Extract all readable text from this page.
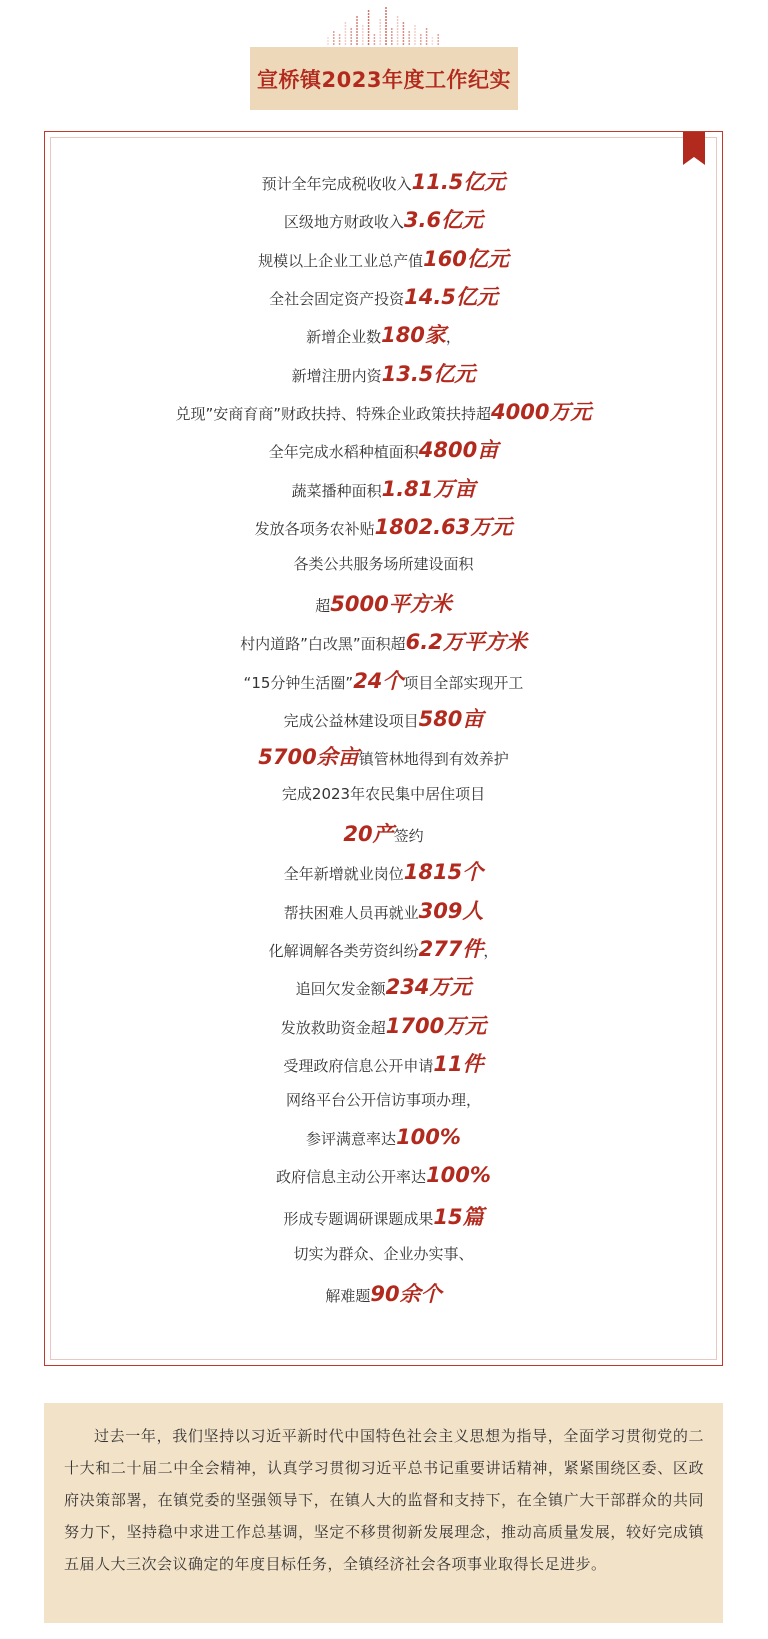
宣桥镇2023年度工作纪实
预计全年完成税收收入11.5亿元
区级地方财政收入3.6亿元
规模以上企业工业总产值160亿元
全社会固定资产投资14.5亿元
新增企业数180家，
新增注册内资13.5亿元
兑现”安商育商”财政扶持、特殊企业政策扶持超4000万元
全年完成水稻种植面积4800亩
蔬菜播种面积1.81万亩
发放各项务农补贴1802.63万元
各类公共服务场所建设面积
超5000平方米
村内道路”白改黑”面积超6.2万平方米
“15分钟生活圈”24个项目全部实现开工
完成公益林建设项目580亩
5700余亩镇管林地得到有效养护
完成2023年农民集中居住项目
20产签约
全年新增就业岗位1815个
帮扶困难人员再就业309人
化解调解各类劳资纠纷277件，
追回欠发金额234万元
发放救助资金超1700万元
受理政府信息公开申请11件
网络平台公开信访事项办理，
参评满意率达100%
政府信息主动公开率达100%
形成专题调研课题成果15篇
切实为群众、企业办实事、
解难题90余个

过去一年，我们坚持以习近平新时代中国特色社会主义思想为指导，全面学习贯彻党的二十大和二十届二中全会精神，认真学习贯彻习近平总书记重要讲话精神，紧紧围绕区委、区政府决策部署，在镇党委的坚强领导下，在镇人大的监督和支持下，在全镇广大干部群众的共同努力下，坚持稳中求进工作总基调，坚定不移贯彻新发展理念，推动高质量发展，较好完成镇五届人大三次会议确定的年度目标任务，全镇经济社会各项事业取得长足进步。
